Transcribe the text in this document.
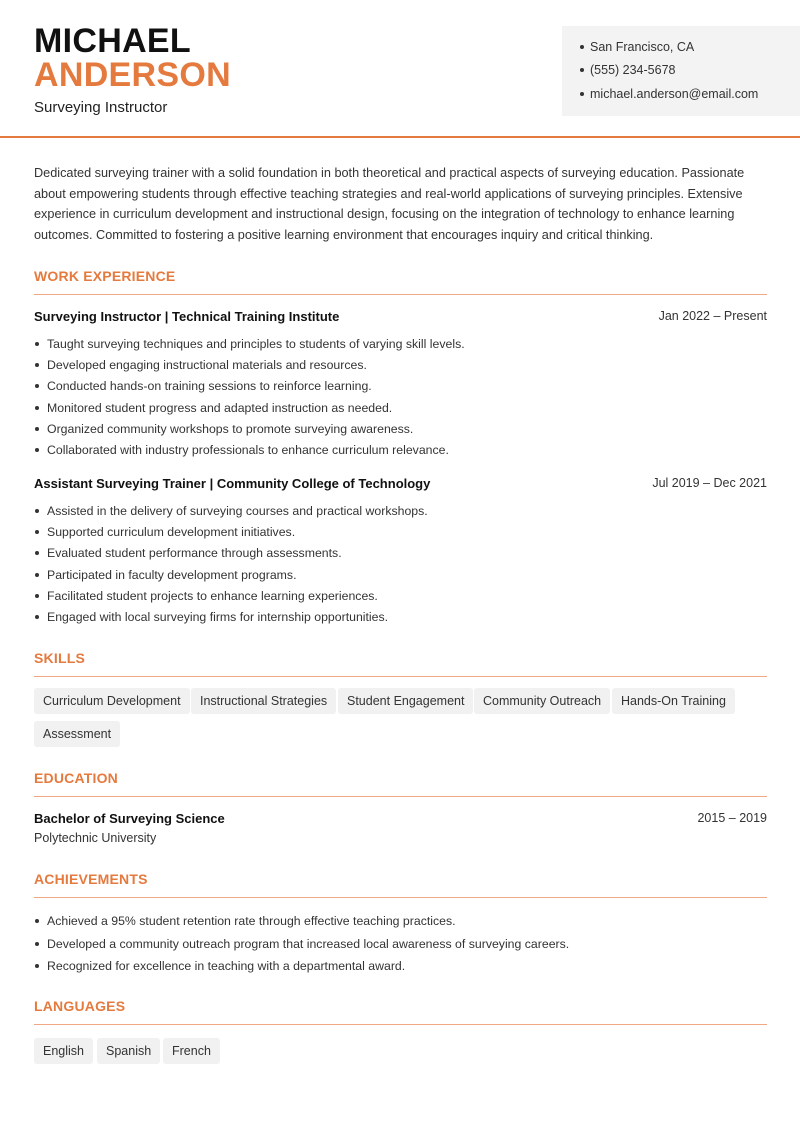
MICHAEL
ANDERSON
Surveying Instructor
San Francisco, CA
(555) 234-5678
michael.anderson@email.com

Dedicated surveying trainer with a solid foundation in both theoretical and practical aspects of surveying education. Passionate about empowering students through effective teaching strategies and real-world applications of surveying principles. Extensive experience in curriculum development and instructional design, focusing on the integration of technology to enhance learning outcomes. Committed to fostering a positive learning environment that encourages inquiry and critical thinking.

WORK EXPERIENCE
Surveying Instructor | Technical Training Institute	Jan 2022 – Present
Taught surveying techniques and principles to students of varying skill levels.
Developed engaging instructional materials and resources.
Conducted hands-on training sessions to reinforce learning.
Monitored student progress and adapted instruction as needed.
Organized community workshops to promote surveying awareness.
Collaborated with industry professionals to enhance curriculum relevance.
Assistant Surveying Trainer | Community College of Technology	Jul 2019 – Dec 2021
Assisted in the delivery of surveying courses and practical workshops.
Supported curriculum development initiatives.
Evaluated student performance through assessments.
Participated in faculty development programs.
Facilitated student projects to enhance learning experiences.
Engaged with local surveying firms for internship opportunities.
SKILLS
Curriculum Development	Instructional Strategies	Student Engagement	Community Outreach	Hands-On Training
Assessment
EDUCATION
Bachelor of Surveying Science	2015 – 2019
Polytechnic University
ACHIEVEMENTS
Achieved a 95% student retention rate through effective teaching practices.
Developed a community outreach program that increased local awareness of surveying careers.
Recognized for excellence in teaching with a departmental award.
LANGUAGES
English	Spanish	French
